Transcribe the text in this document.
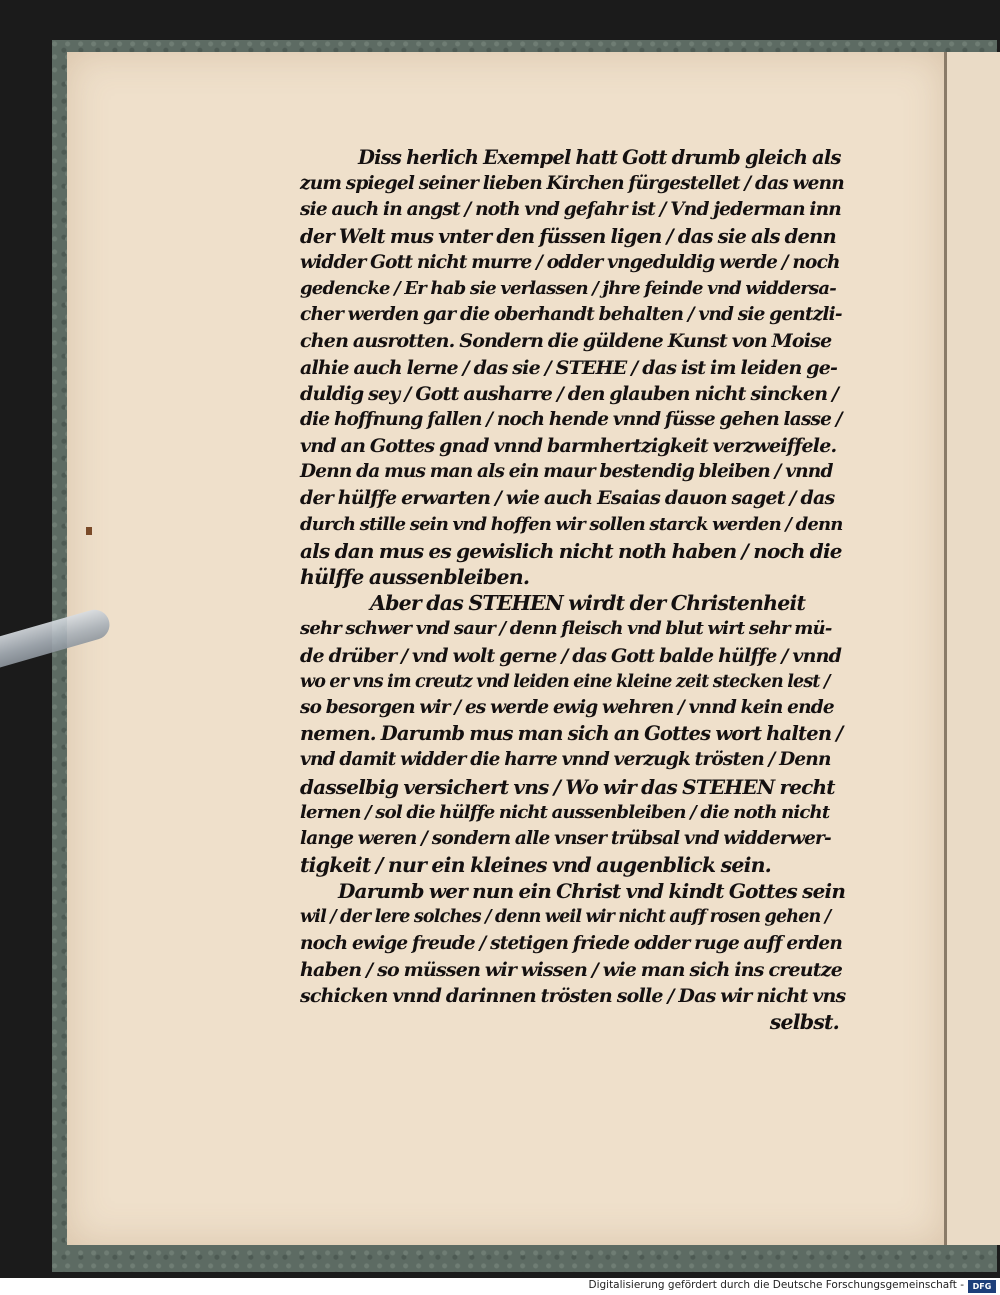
Diss herlich Exempel hatt Gott drumb gleich als
zum spiegel seiner lieben Kirchen fürgestellet / das wenn
sie auch in angst / noth vnd gefahr ist / Vnd jederman inn
der Welt mus vnter den füssen ligen / das sie als denn
widder Gott nicht murre / odder vngeduldig werde / noch
gedencke / Er hab sie verlassen / jhre feinde vnd widdersa-
cher werden gar die oberhandt behalten / vnd sie gentzli-
chen ausrotten. Sondern die güldene Kunst von Moise
alhie auch lerne / das sie / STEHE / das ist im leiden ge-
duldig sey / Gott ausharre / den glauben nicht sincken /
die hoffnung fallen / noch hende vnnd füsse gehen lasse /
vnd an Gottes gnad vnnd barmhertzigkeit verzweiffele.
Denn da mus man als ein maur bestendig bleiben / vnnd
der hülffe erwarten / wie auch Esaias dauon saget / das
durch stille sein vnd hoffen wir sollen starck werden / denn
als dan mus es gewislich nicht noth haben / noch die
hülffe aussenbleiben.
Aber das STEHEN wirdt der Christenheit
sehr schwer vnd saur / denn fleisch vnd blut wirt sehr mü-
de drüber / vnd wolt gerne / das Gott balde hülffe / vnnd
wo er vns im creutz vnd leiden eine kleine zeit stecken lest /
so besorgen wir / es werde ewig wehren / vnnd kein ende
nemen. Darumb mus man sich an Gottes wort halten /
vnd damit widder die harre vnnd verzugk trösten / Denn
dasselbig versichert vns / Wo wir das STEHEN recht
lernen / sol die hülffe nicht aussenbleiben / die noth nicht
lange weren / sondern alle vnser trübsal vnd widderwer-
tigkeit / nur ein kleines vnd augenblick sein.
Darumb wer nun ein Christ vnd kindt Gottes sein
wil / der lere solches / denn weil wir nicht auff rosen gehen /
noch ewige freude / stetigen friede odder ruge auff erden
haben / so müssen wir wissen / wie man sich ins creutze
schicken vnnd darinnen trösten solle / Das wir nicht vns
selbst.
Digitalisierung gefördert durch die Deutsche Forschungsgemeinschaft -	DFG
